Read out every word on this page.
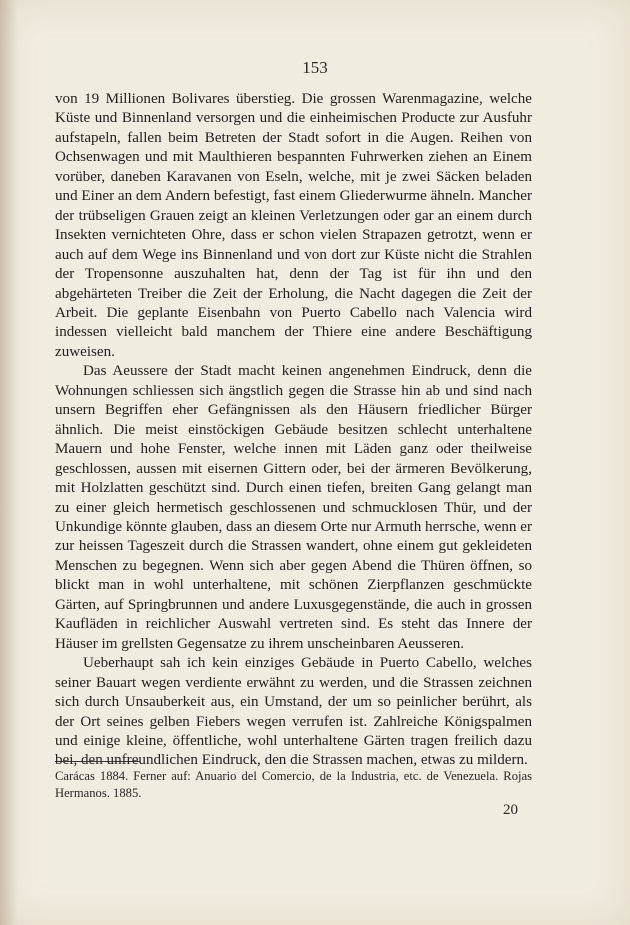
153

von 19 Millionen Bolivares überstieg. Die grossen Warenmagazine, welche Küste und Binnenland versorgen und die einheimischen Producte zur Ausfuhr aufstapeln, fallen beim Betreten der Stadt sofort in die Augen. Reihen von Ochsenwagen und mit Maulthieren bespannten Fuhrwerken ziehen an Einem vorüber, daneben Karavanen von Eseln, welche, mit je zwei Säcken beladen und Einer an dem Andern befestigt, fast einem Gliederwurme ähneln. Mancher der trübseligen Grauen zeigt an kleinen Verletzungen oder gar an einem durch Insekten vernichteten Ohre, dass er schon vielen Strapazen getrotzt, wenn er auch auf dem Wege ins Binnenland und von dort zur Küste nicht die Strahlen der Tropensonne auszuhalten hat, denn der Tag ist für ihn und den abgehärteten Treiber die Zeit der Erholung, die Nacht dagegen die Zeit der Arbeit. Die geplante Eisenbahn von Puerto Cabello nach Valencia wird indessen vielleicht bald manchem der Thiere eine andere Beschäftigung zuweisen.

Das Aeussere der Stadt macht keinen angenehmen Eindruck, denn die Wohnungen schliessen sich ängstlich gegen die Strasse hin ab und sind nach unsern Begriffen eher Gefängnissen als den Häusern friedlicher Bürger ähnlich. Die meist einstöckigen Gebäude besitzen schlecht unterhaltene Mauern und hohe Fenster, welche innen mit Läden ganz oder theilweise geschlossen, aussen mit eisernen Gittern oder, bei der ärmeren Bevölkerung, mit Holzlatten geschützt sind. Durch einen tiefen, breiten Gang gelangt man zu einer gleich hermetisch geschlossenen und schmucklosen Thür, und der Unkundige könnte glauben, dass an diesem Orte nur Armuth herrsche, wenn er zur heissen Tageszeit durch die Strassen wandert, ohne einem gut gekleideten Menschen zu begegnen. Wenn sich aber gegen Abend die Thüren öffnen, so blickt man in wohl unterhaltene, mit schönen Zierpflanzen geschmückte Gärten, auf Springbrunnen und andere Luxusgegenstände, die auch in grossen Kaufläden in reichlicher Auswahl vertreten sind. Es steht das Innere der Häuser im grellsten Gegensatze zu ihrem unscheinbaren Aeusseren.

Ueberhaupt sah ich kein einziges Gebäude in Puerto Cabello, welches seiner Bauart wegen verdiente erwähnt zu werden, und die Strassen zeichnen sich durch Unsauberkeit aus, ein Umstand, der um so peinlicher berührt, als der Ort seines gelben Fiebers wegen verrufen ist. Zahlreiche Königspalmen und einige kleine, öffentliche, wohl unterhaltene Gärten tragen freilich dazu bei, den unfreundlichen Eindruck, den die Strassen machen, etwas zu mildern.

Carácas 1884. Ferner auf: Anuario del Comercio, de la Industria, etc. de Venezuela. Rojas Hermanos. 1885.
20
